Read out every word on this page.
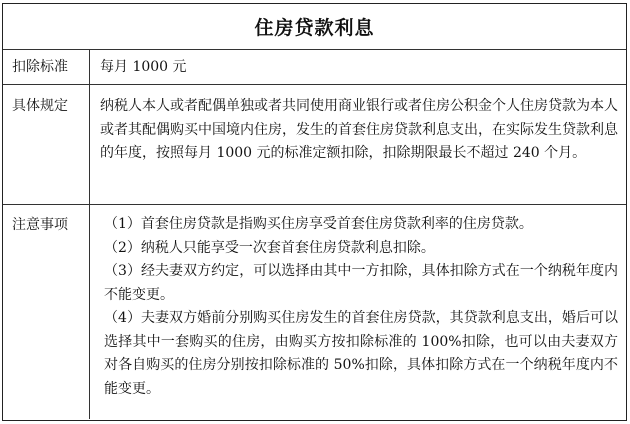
住房贷款利息
扣除标准	每月 1000 元
具体规定	纳税人本人或者配偶单独或者共同使用商业银行或者住房公积金个人住房贷款为本人或者其配偶购买中国境内住房，发生的首套住房贷款利息支出，在实际发生贷款利息的年度，按照每月 1000 元的标准定额扣除，扣除期限最长不超过 240 个月。
注意事项	（1）首套住房贷款是指购买住房享受首套住房贷款利率的住房贷款。

（2）纳税人只能享受一次套首套住房贷款利息扣除。

（3）经夫妻双方约定，可以选择由其中一方扣除，具体扣除方式在一个纳税年度内不能变更。

（4）夫妻双方婚前分别购买住房发生的首套住房贷款，其贷款利息支出，婚后可以选择其中一套购买的住房，由购买方按扣除标准的 100%扣除，也可以由夫妻双方对各自购买的住房分别按扣除标准的 50%扣除，具体扣除方式在一个纳税年度内不能变更。
